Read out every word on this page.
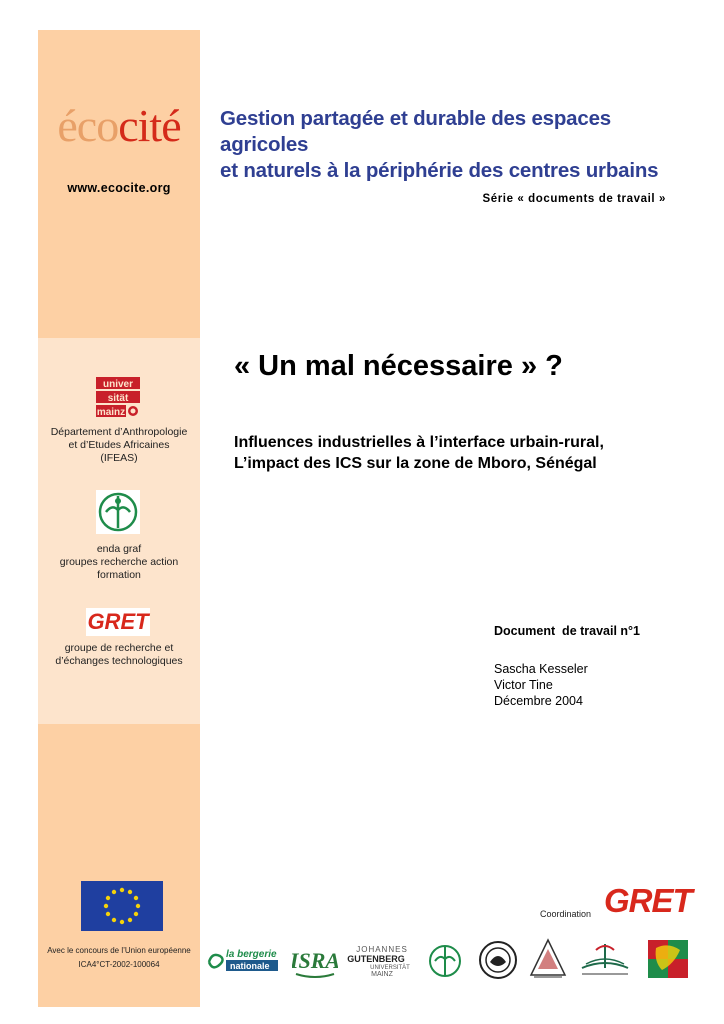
écocité
www.ecocite.org
Gestion partagée et durable des espaces agricoles
et naturels à la périphérie des centres urbains
Série « documents de travail »
« Un mal nécessaire » ?
Influences industrielles à l’interface urbain-rural,
L’impact des ICS sur la zone de Mboro, Sénégal
Document  de travail n°1
Sascha Kesseler
Victor Tine
Décembre 2004
univer
sität
mainz
Département d’Anthropologie
et d’Etudes Africaines
(IFEAS)
enda graf
groupes recherche action
formation
GRET
groupe de recherche et
d’échanges technologiques
Avec le concours de l’Union européenne
ICA4°CT-2002-100064
Coordination GRET
la bergerie
nationale ISRA JOHANNES
GUTENBERG
UNIVERSITÄT
MAINZ
